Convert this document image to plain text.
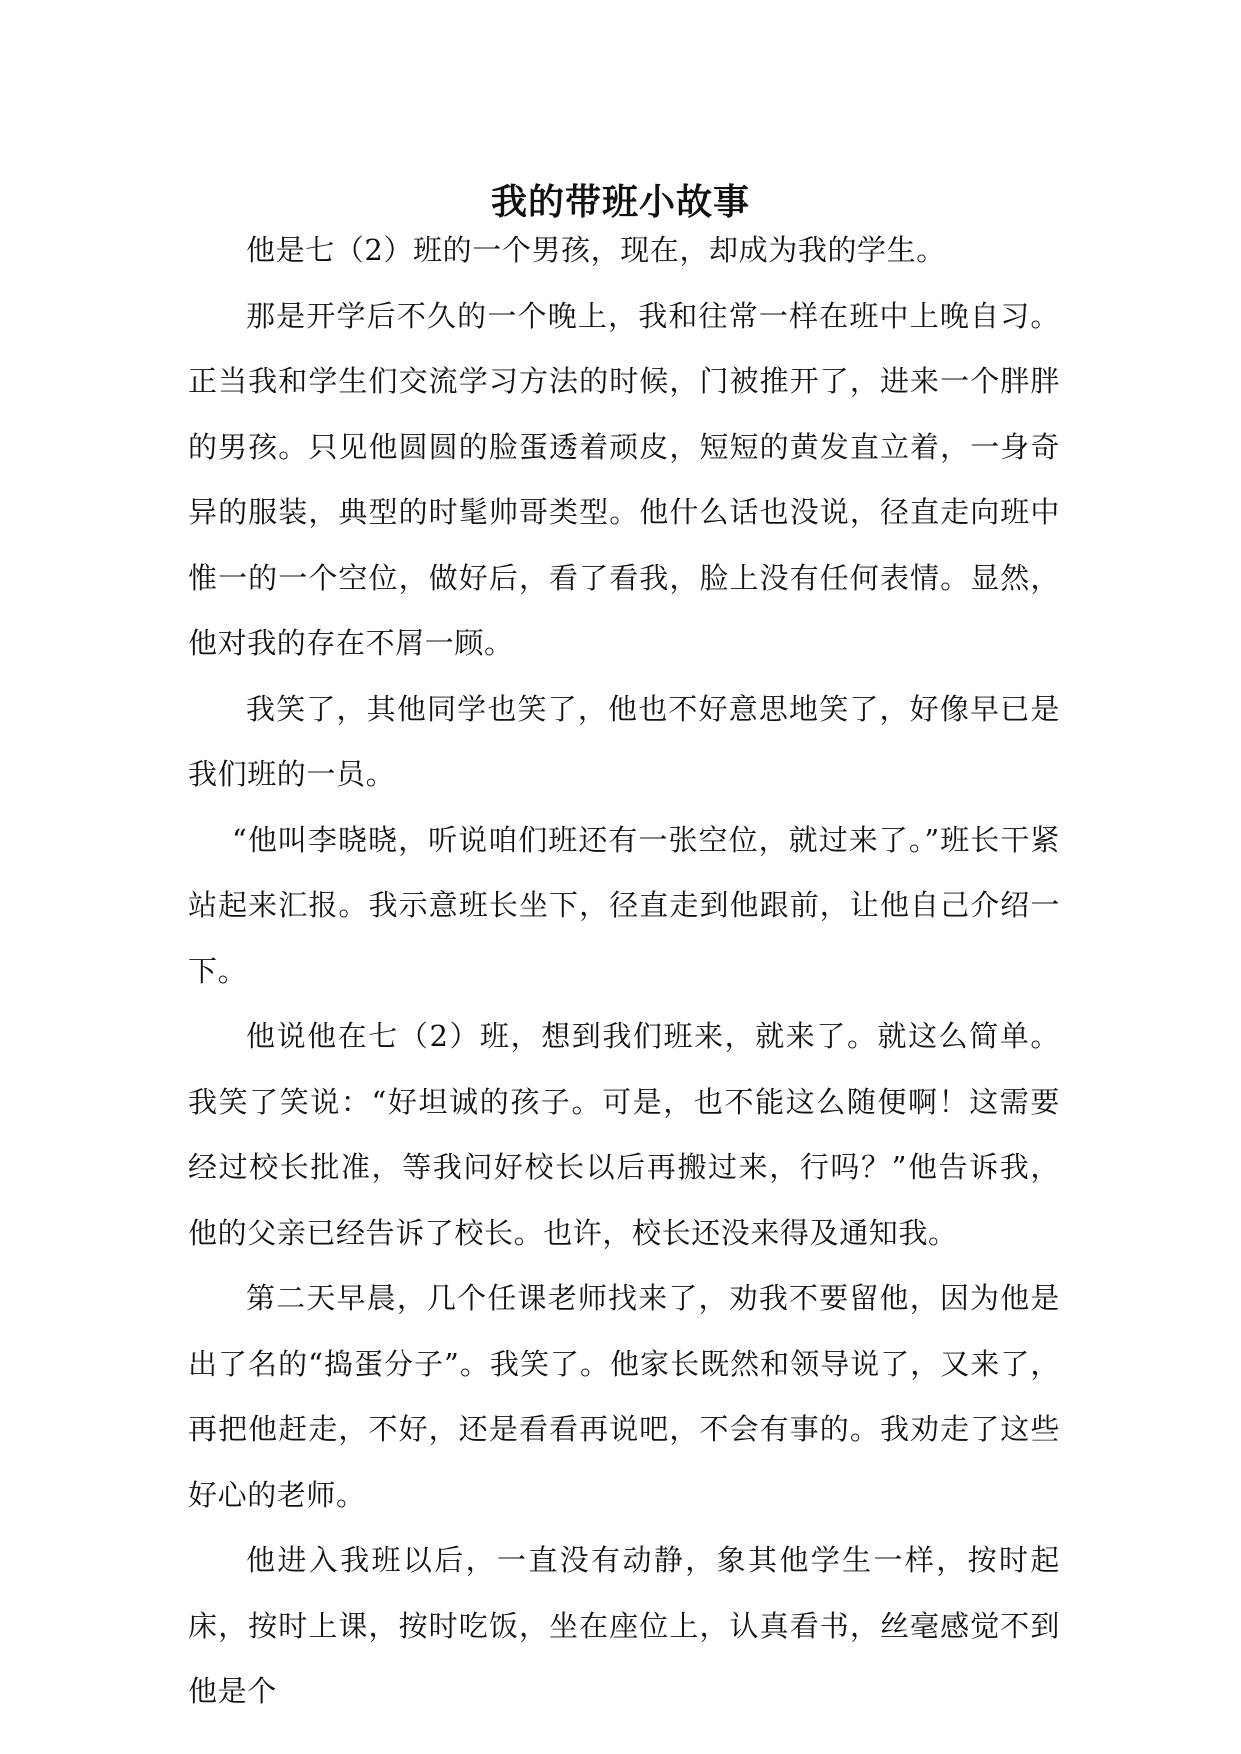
我的带班小故事

他是七（2）班的一个男孩，现在，却成为我的学生。

那是开学后不久的一个晚上，我和往常一样在班中上晚自习。正当我和学生们交流学习方法的时候，门被推开了，进来一个胖胖的男孩。只见他圆圆的脸蛋透着顽皮，短短的黄发直立着，一身奇异的服装，典型的时髦帅哥类型。他什么话也没说，径直走向班中惟一的一个空位，做好后，看了看我，脸上没有任何表情。显然，他对我的存在不屑一顾。

我笑了，其他同学也笑了，他也不好意思地笑了，好像早已是我们班的一员。

“他叫李晓晓，听说咱们班还有一张空位，就过来了。”班长干紧站起来汇报。我示意班长坐下，径直走到他跟前，让他自己介绍一下。

他说他在七（2）班，想到我们班来，就来了。就这么简单。我笑了笑说：“好坦诚的孩子。可是，也不能这么随便啊！这需要经过校长批准，等我问好校长以后再搬过来，行吗？”他告诉我，他的父亲已经告诉了校长。也许，校长还没来得及通知我。

第二天早晨，几个任课老师找来了，劝我不要留他，因为他是出了名的“捣蛋分子”。我笑了。他家长既然和领导说了，又来了，再把他赶走，不好，还是看看再说吧，不会有事的。我劝走了这些好心的老师。

他进入我班以后，一直没有动静，象其他学生一样，按时起床，按时上课，按时吃饭，坐在座位上，认真看书，丝毫感觉不到他是个
